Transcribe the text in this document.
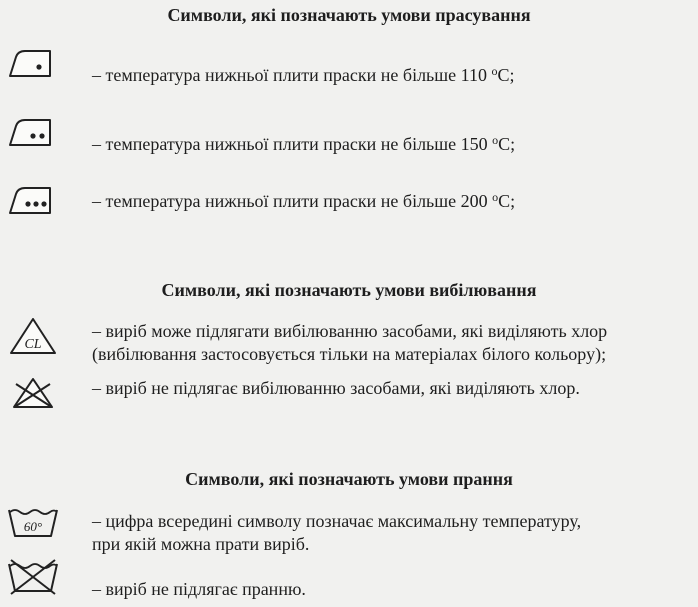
Символи, які позначають умови прасування
– температура нижньої плити праски не більше 110 $^o$C;
– температура нижньої плити праски не більше 150 $^o$C;
– температура нижньої плити праски не більше 200 $^o$C;
Символи, які позначають умови вибілювання
CL
– виріб може підлягати вибілюванню засобами, які виділяють хлор
(вибілювання застосовується тільки на матеріалах білого кольору);
– виріб не підлягає вибілюванню засобами, які виділяють хлор.
Символи, які позначають умови прання
60°	– цифра всередині символу позначає максимальну температуру,
при якій можна прати виріб.
– виріб не підлягає пранню.
